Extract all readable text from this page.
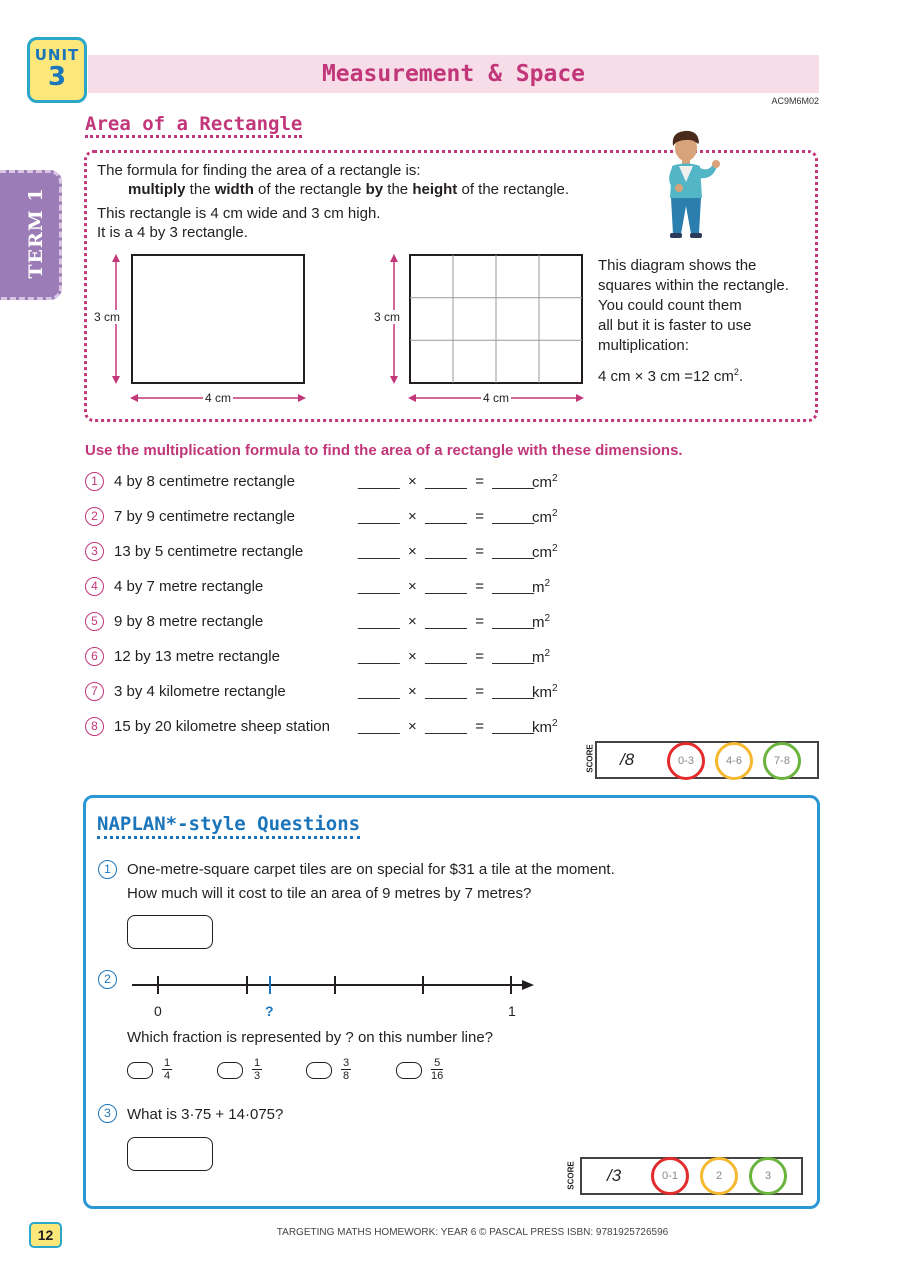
UNIT
3	Measurement & Space
AC9M6M02
TERM 1
Area of a Rectangle
The formula for finding the area of a rectangle is:
multiply the width of the rectangle by the height of the rectangle.
This rectangle is 4 cm wide and 3 cm high.
It is a 4 by 3 rectangle.
3 cm
4 cm
3 cm
4 cm
This diagram shows the
squares within the rectangle.
You could count them
all but it is faster to use
multiplication:
4 cm × 3 cm =12 $cm^2$.
Use the multiplication formula to find the area of a rectangle with these dimensions.
1	4 by 8 centimetre rectangle	_____  ×  _____  =  _____
$cm^2$
2	7 by 9 centimetre rectangle	_____  ×  _____  =  _____
$cm^2$
3	13 by 5 centimetre rectangle	_____  ×  _____  =  _____
$cm^2$
4	4 by 7 metre rectangle	_____  ×  _____  =  _____
$m^2$
5	9 by 8 metre rectangle	_____  ×  _____  =  _____
$m^2$
6	12 by 13 metre rectangle	_____  ×  _____  =  _____
$m^2$
7	3 by 4 kilometre rectangle	_____  ×  _____  =  _____
$km^2$
8	15 by 20 kilometre sheep station _____  ×  _____  =  _____
$km^2$
SCORE /8	0-3	4-6	7-8
NAPLAN*-style Questions
1	One-metre-square carpet tiles are on special for $31 a tile at the moment.
How much will it cost to tile an area of 9 metres by 7 metres?
2
0	?	1
Which fraction is represented by ? on this number line?
$\frac{1}{4}$	$\frac{1}{3}$	$\frac{3}{8}$	$\frac{5}{16}$
3	What is 3·75 + 14·075?
SCORE /3	0-1	2	3
12	TARGETING MATHS HOMEWORK: YEAR 6 © PASCAL PRESS ISBN: 9781925726596
